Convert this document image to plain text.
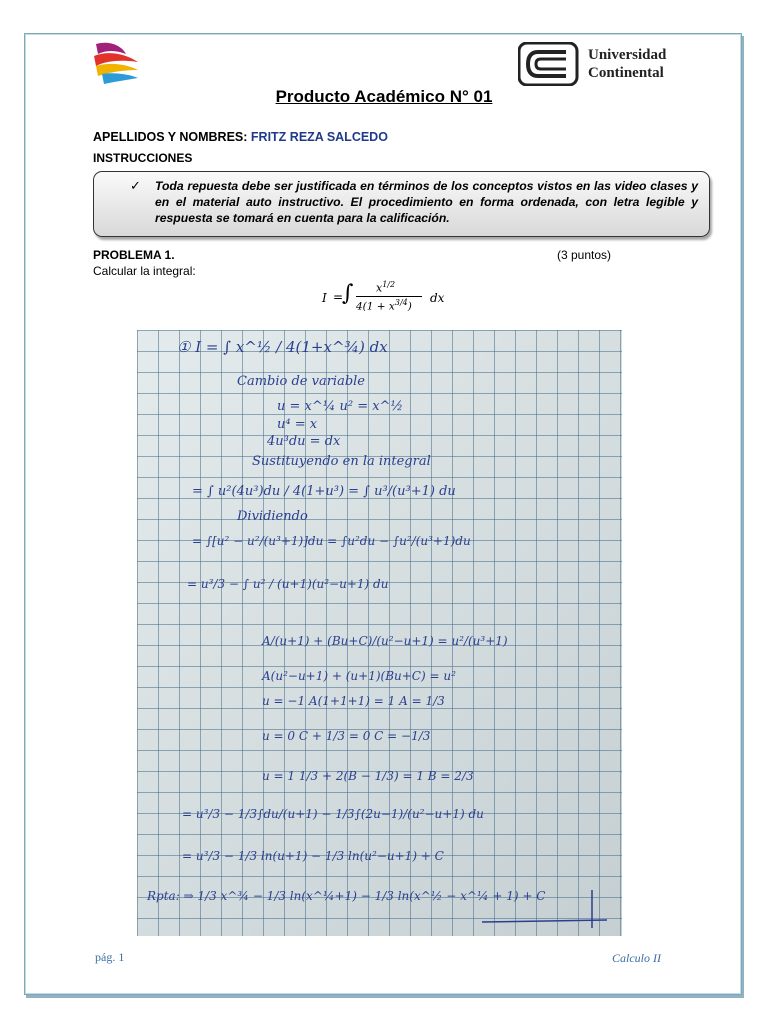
Universidad
Continental
Producto Académico N° 01
APELLIDOS Y NOMBRES: FRITZ REZA SALCEDO
INSTRUCCIONES
✓ Toda repuesta debe ser justificada en términos de los conceptos vistos en las video clases y en el material auto instructivo. El procedimiento en forma ordenada, con letra legible y respuesta se tomará en cuenta para la calificación.
PROBLEMA 1.	(3 puntos)
Calcular la integral:
I =
∫ $x^{1/2}$
$4(1 + x^{3/4})$
dx
① I = ∫ x^½ / 4(1+x^¾) dx
Cambio de variable
u = x^¼ u² = x^½
u⁴ = x
4u³du = dx
Sustituyendo en la integral
= ∫ u²(4u³)du / 4(1+u³) = ∫ u³/(u³+1) du
Dividiendo
= ∫[u² − u²/(u³+1)]du = ∫u²du − ∫u²/(u³+1)du
= u³/3 − ∫ u² / (u+1)(u²−u+1) du
A/(u+1) + (Bu+C)/(u²−u+1) = u²/(u³+1)
A(u²−u+1) + (u+1)(Bu+C) = u²
u = −1 A(1+1+1) = 1 A = 1/3
u = 0 C + 1/3 = 0 C = −1/3
u = 1 1/3 + 2(B − 1/3) = 1 B = 2/3
= u³/3 − 1/3∫du/(u+1) − 1/3∫(2u−1)/(u²−u+1) du
= u³/3 − 1/3 ln(u+1) − 1/3 ln(u²−u+1) + C
Rpta: ⇒ 1/3 x^¾ − 1/3 ln(x^¼+1) − 1/3 ln(x^½ − x^¼ + 1) + C
pág. 1	Calculo II
